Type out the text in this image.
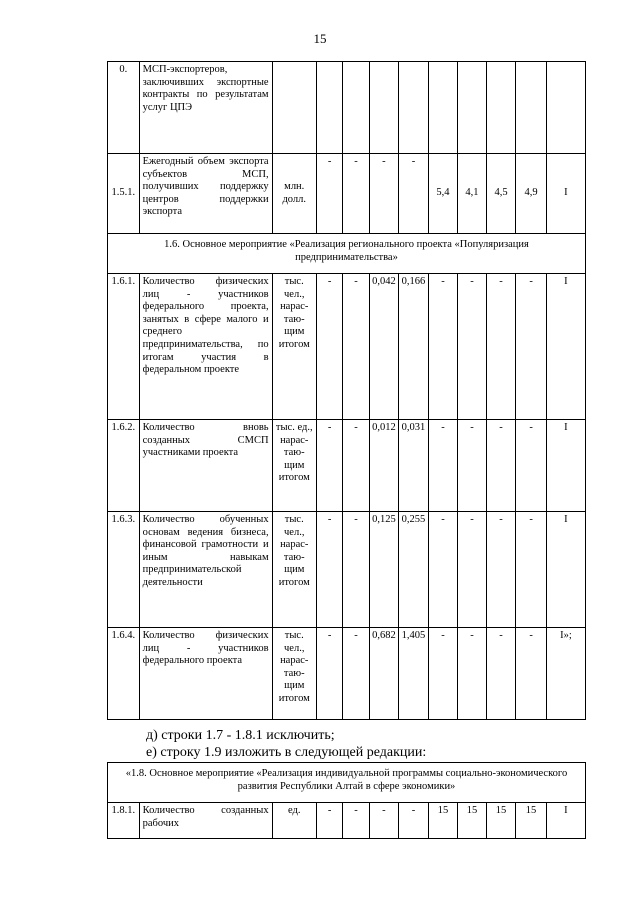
15
0.	МСП-экспортеров, заключивших экспортные контракты по результатам услуг ЦПЭ										
1.5.1.	Ежегодный объем экспорта субъектов МСП, получивших поддержку центров поддержки экспорта	млн. долл.	-	-	-	-	5,4	4,1	4,5	4,9	I
1.6. Основное мероприятие «Реализация регионального проекта «Популяризация предпринимательства»											
1.6.1.	Количество физических лиц - участников федерального проекта, занятых в сфере малого и среднего предпринимательства, по итогам участия в федеральном проекте	тыс. чел., нарас-таю-щим итогом	-	-	0,042	0,166	-	-	-	-	I
1.6.2.	Количество вновь созданных СМСП участниками проекта	тыс. ед., нарас-таю-щим итогом	-	-	0,012	0,031	-	-	-	-	I
1.6.3.	Количество обученных основам ведения бизнеса, финансовой грамотности и иным навыкам предпринимательской деятельности	тыс. чел., нарас-таю-щим итогом	-	-	0,125	0,255	-	-	-	-	I
1.6.4.	Количество физических лиц - участников федерального проекта	тыс. чел., нарас-таю-щим итогом	-	-	0,682	1,405	-	-	-	-	I»;
д) строки 1.7 - 1.8.1 исключить;
е) строку 1.9 изложить в следующей редакции:
«1.8. Основное мероприятие «Реализация индивидуальной программы социально-экономического развития Республики Алтай в сфере экономики»
1.8.1.	Количество созданных рабочих	ед.	-	-	-	-	15	15	15	15	I
